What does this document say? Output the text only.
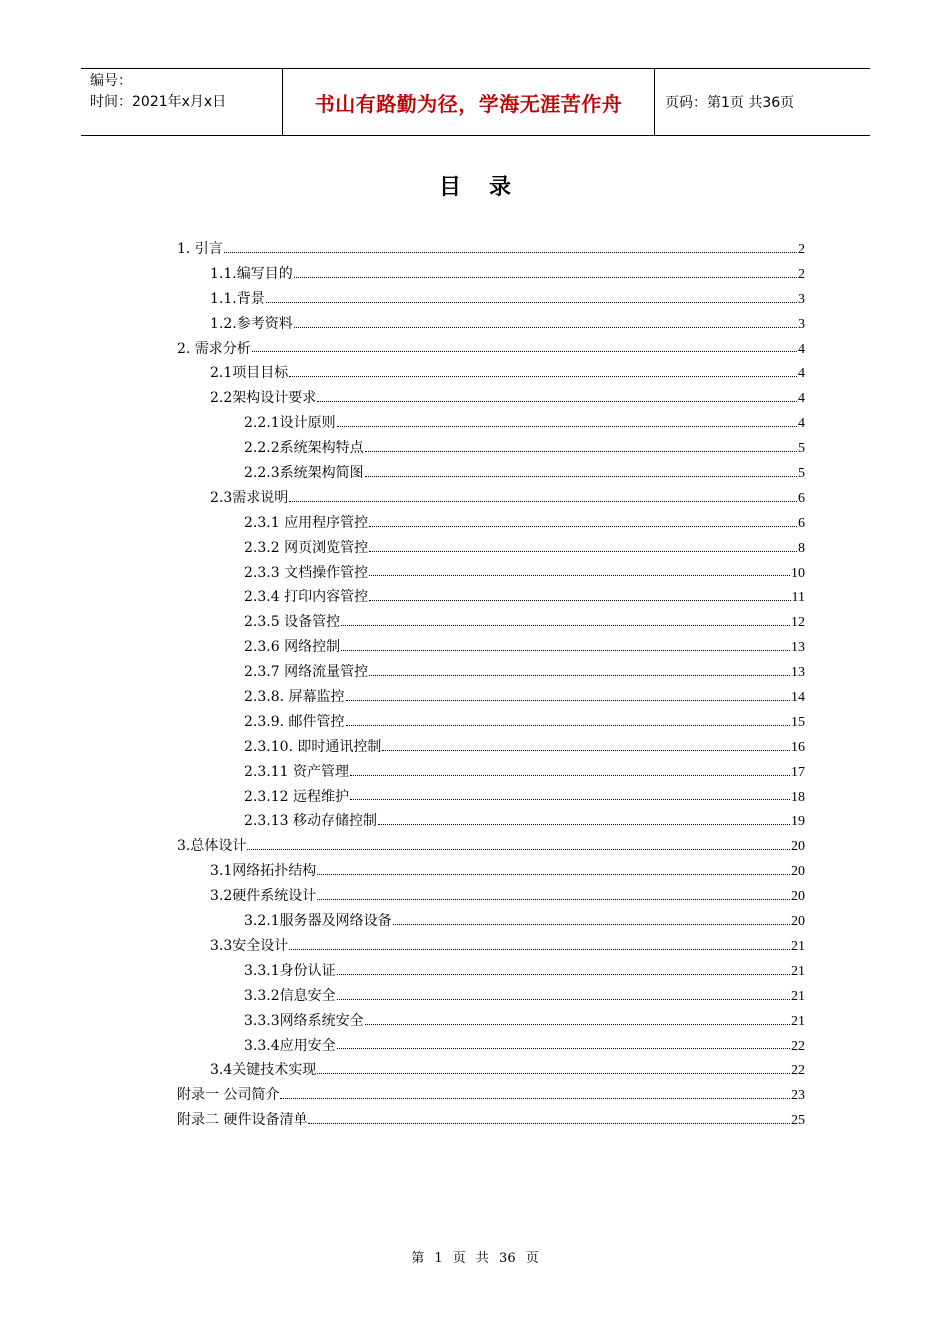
编号：
时间：2021年x月x日	书山有路勤为径，学海无涯苦作舟	页码：第1页 共36页
目录
1. 引言	2
1.1.编写目的	2
1.1.背景	3
1.2.参考资料	3
2. 需求分析	4
2.1项目目标	4
2.2架构设计要求	4
2.2.1设计原则	4
2.2.2系统架构特点	5
2.2.3系统架构简图	5
2.3需求说明	6
2.3.1 应用程序管控	6
2.3.2 网页浏览管控	8
2.3.3 文档操作管控	10
2.3.4 打印内容管控	11
2.3.5 设备管控	12
2.3.6 网络控制	13
2.3.7 网络流量管控	13
2.3.8. 屏幕监控	14
2.3.9. 邮件管控	15
2.3.10. 即时通讯控制	16
2.3.11 资产管理	17
2.3.12 远程维护	18
2.3.13 移动存储控制	19
3.总体设计	20
3.1网络拓扑结构	20
3.2硬件系统设计	20
3.2.1服务器及网络设备	20
3.3安全设计	21
3.3.1身份认证	21
3.3.2信息安全	21
3.3.3网络系统安全	21
3.3.4应用安全	22
3.4关键技术实现	22
附录一 公司简介	23
附录二 硬件设备清单	25
第 1 页 共 36 页
